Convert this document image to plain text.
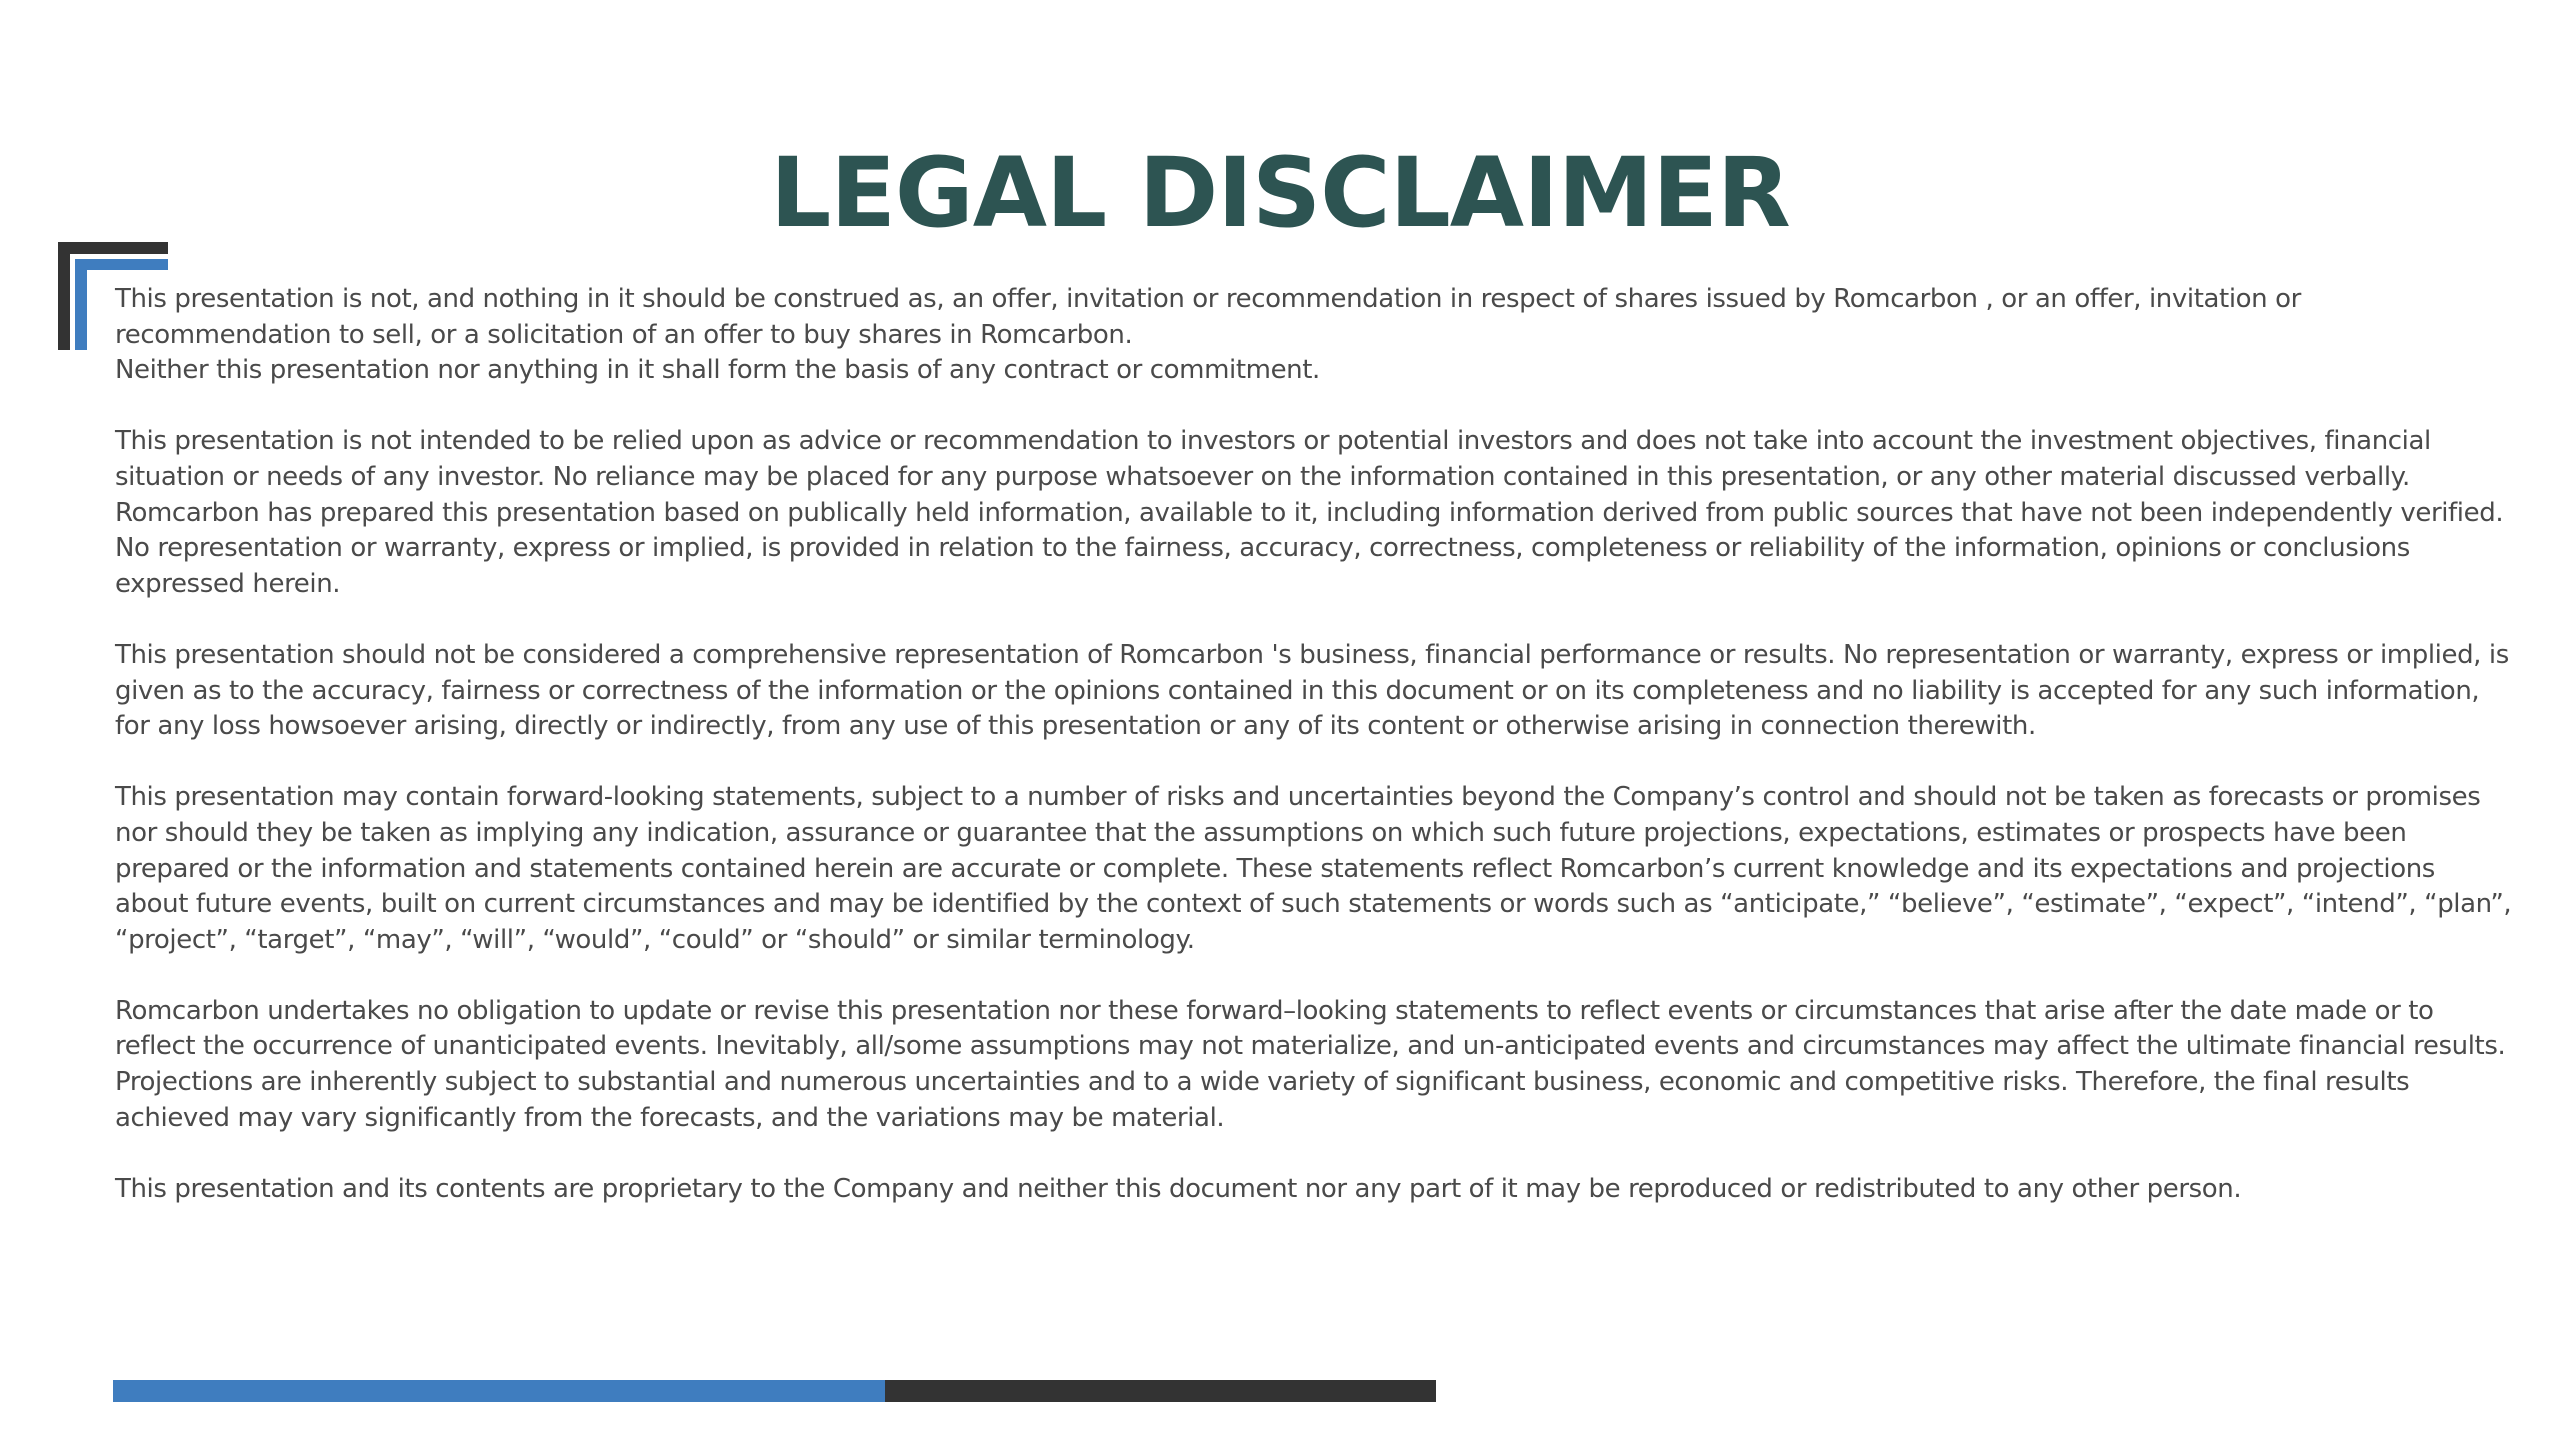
LEGAL DISCLAIMER

This presentation is not, and nothing in it should be construed as, an offer, invitation or recommendation in respect of shares issued by Romcarbon , or an offer, invitation or recommendation to sell, or a solicitation of an offer to buy shares in Romcarbon.

Neither this presentation nor anything in it shall form the basis of any contract or commitment.

This presentation is not intended to be relied upon as advice or recommendation to investors or potential investors and does not take into account the investment objectives, financial situation or needs of any investor. No reliance may be placed for any purpose whatsoever on the information contained in this presentation, or any other material discussed verbally.

Romcarbon has prepared this presentation based on publically held information, available to it, including information derived from public sources that have not been independently verified. No representation or warranty, express or implied, is provided in relation to the fairness, accuracy, correctness, completeness or reliability of the information, opinions or conclusions expressed herein.

This presentation should not be considered a comprehensive representation of Romcarbon 's business, financial performance or results. No representation or warranty, express or implied, is given as to the accuracy, fairness or correctness of the information or the opinions contained in this document or on its completeness and no liability is accepted for any such information, for any loss howsoever arising, directly or indirectly, from any use of this presentation or any of its content or otherwise arising in connection therewith.

This presentation may contain forward-looking statements, subject to a number of risks and uncertainties beyond the Company’s control and should not be taken as forecasts or promises nor should they be taken as implying any indication, assurance or guarantee that the assumptions on which such future projections, expectations, estimates or prospects have been prepared or the information and statements contained herein are accurate or complete. These statements reflect Romcarbon’s current knowledge and its expectations and projections about future events, built on current circumstances and may be identified by the context of such statements or words such as “anticipate,” “believe”, “estimate”, “expect”, “intend”, “plan”, “project”, “target”, “may”, “will”, “would”, “could” or “should” or similar terminology.

Romcarbon undertakes no obligation to update or revise this presentation nor these forward–looking statements to reflect events or circumstances that arise after the date made or to reflect the occurrence of unanticipated events. Inevitably, all/some assumptions may not materialize, and un-anticipated events and circumstances may affect the ultimate financial results. Projections are inherently subject to substantial and numerous uncertainties and to a wide variety of significant business, economic and competitive risks. Therefore, the final results achieved may vary significantly from the forecasts, and the variations may be material.

This presentation and its contents are proprietary to the Company and neither this document nor any part of it may be reproduced or redistributed to any other person.
